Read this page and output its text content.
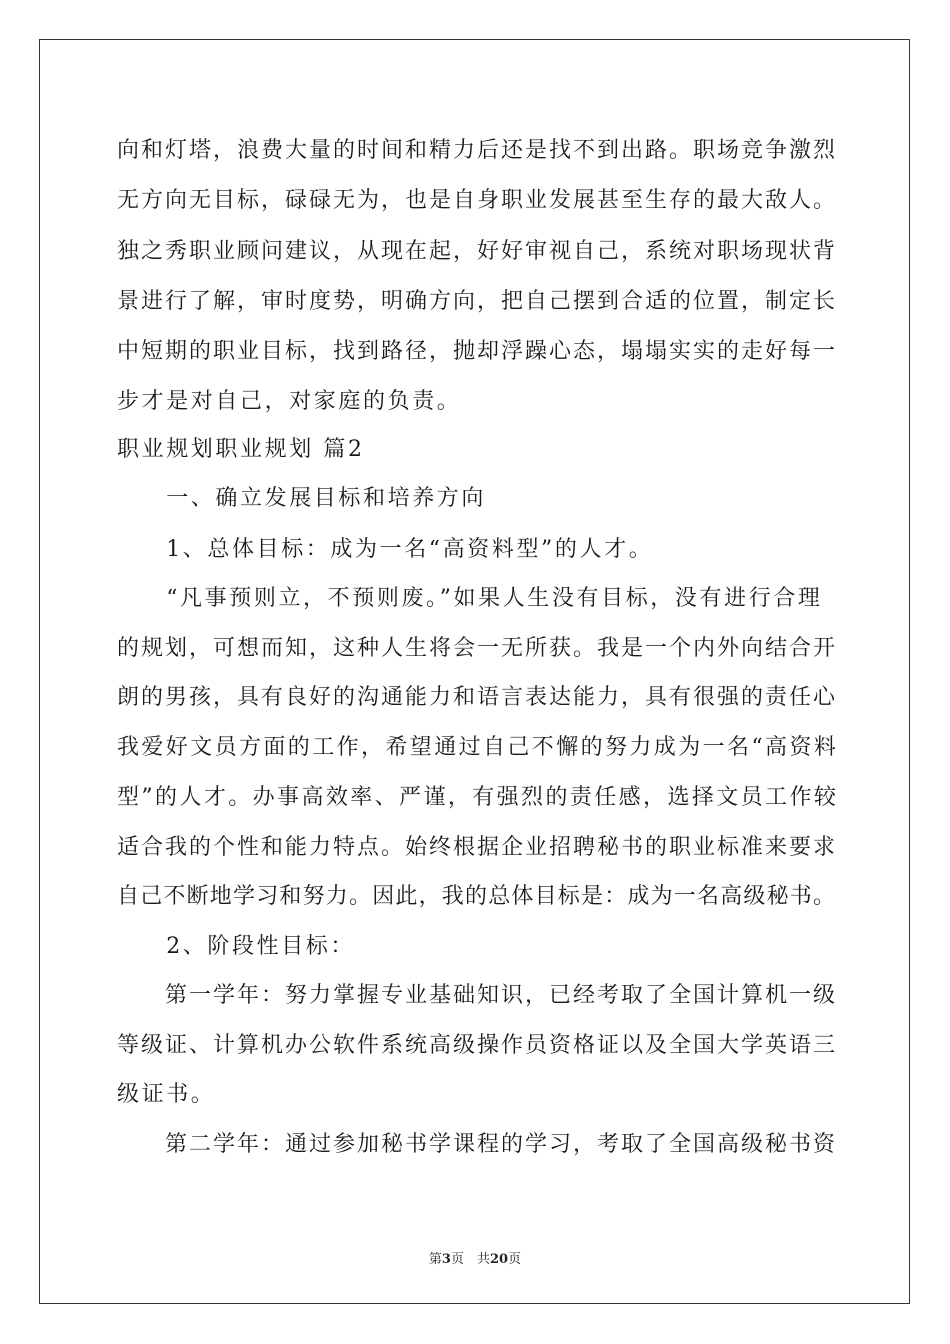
向和灯塔，浪费大量的时间和精力后还是找不到出路。职场竞争激烈
无方向无目标，碌碌无为，也是自身职业发展甚至生存的最大敌人。
独之秀职业顾问建议，从现在起，好好审视自己，系统对职场现状背
景进行了解，审时度势，明确方向，把自己摆到合适的位置，制定长
中短期的职业目标，找到路径，抛却浮躁心态，塌塌实实的走好每一
步才是对自己，对家庭的负责。
职业规划职业规划 篇2
　　一、确立发展目标和培养方向
　　1、总体目标：成为一名“高资料型”的人才。
　　“凡事预则立，不预则废。”如果人生没有目标，没有进行合理
的规划，可想而知，这种人生将会一无所获。我是一个内外向结合开
朗的男孩，具有良好的沟通能力和语言表达能力，具有很强的责任心
我爱好文员方面的工作，希望通过自己不懈的努力成为一名“高资料
型”的人才。办事高效率、严谨，有强烈的责任感，选择文员工作较
适合我的个性和能力特点。始终根据企业招聘秘书的职业标准来要求
自己不断地学习和努力。因此，我的总体目标是：成为一名高级秘书。
　　2、阶段性目标：
　　第一学年：努力掌握专业基础知识，已经考取了全国计算机一级
等级证、计算机办公软件系统高级操作员资格证以及全国大学英语三
级证书。
　　第二学年：通过参加秘书学课程的学习，考取了全国高级秘书资
第3页　共20页
